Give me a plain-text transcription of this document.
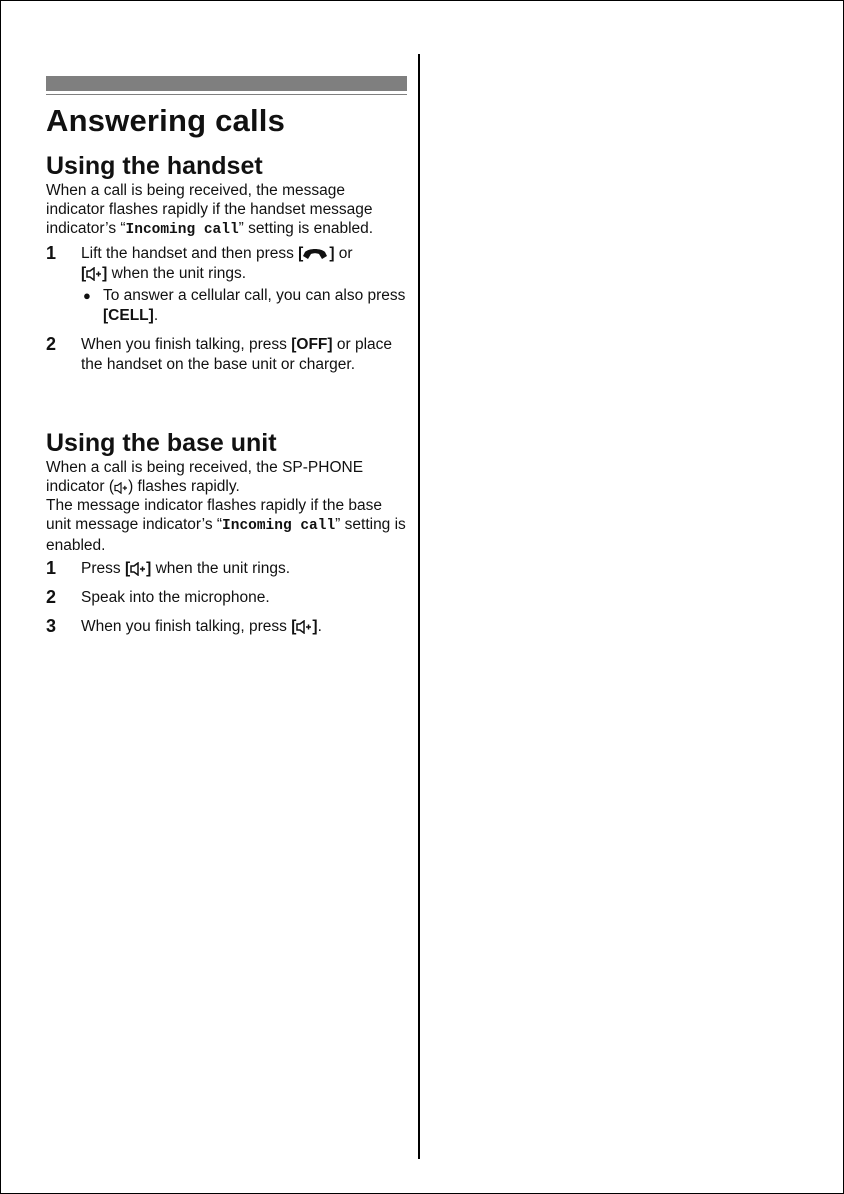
Answering calls
Using the handset

When a call is being received, the message indicator flashes rapidly if the handset message indicator’s “Incoming call” setting is enabled.

1 Lift the handset and then press [ ] or
[ ] when the unit rings.
● To answer a cellular call, you can also press [CELL].
2 When you finish talking, press [OFF] or place the handset on the base unit or charger.
Using the base unit

When a call is being received, the SP-PHONE indicator ( ) flashes rapidly.
The message indicator flashes rapidly if the base unit message indicator’s “Incoming call” setting is enabled.

1 Press [ ] when the unit rings.
2 Speak into the microphone.
3 When you finish talking, press [ ].
